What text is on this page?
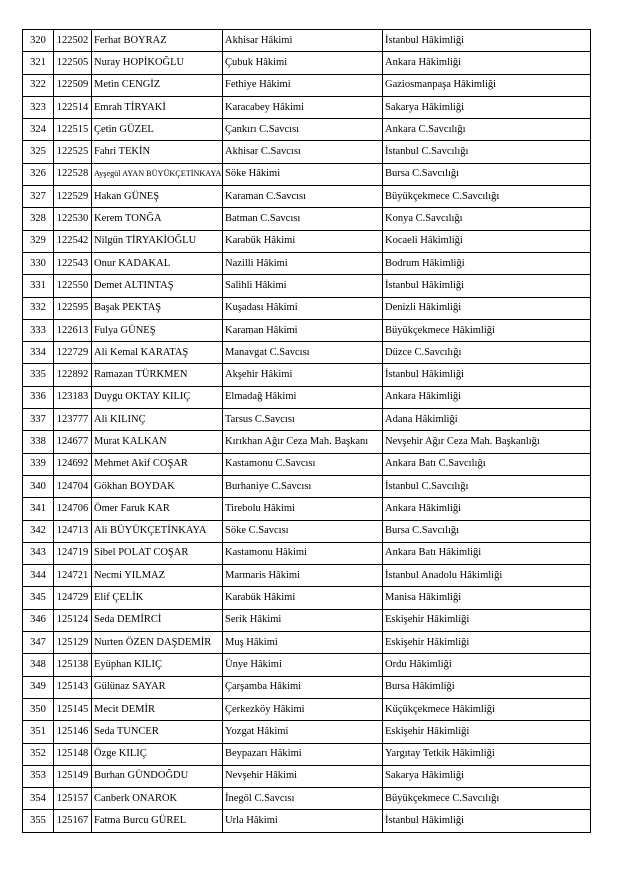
320	122502	Ferhat BOYRAZ	Akhisar Hâkimi	İstanbul Hâkimliği
321	122505	Nuray HOPİKOĞLU	Çubuk Hâkimi	Ankara Hâkimliği
322	122509	Metin CENGİZ	Fethiye Hâkimi	Gaziosmanpaşa Hâkimliği
323	122514	Emrah TİRYAKİ	Karacabey Hâkimi	Sakarya Hâkimliği
324	122515	Çetin GÜZEL	Çankırı C.Savcısı	Ankara C.Savcılığı
325	122525	Fahri TEKİN	Akhisar C.Savcısı	İstanbul C.Savcılığı
326	122528	Ayşegül AYAN BÜYÜKÇETİNKAYA	Söke Hâkimi	Bursa C.Savcılığı
327	122529	Hakan GÜNEŞ	Karaman C.Savcısı	Büyükçekmece C.Savcılığı
328	122530	Kerem TONĞA	Batman C.Savcısı	Konya C.Savcılığı
329	122542	Nilgün TİRYAKİOĞLU	Karabük Hâkimi	Kocaeli Hâkimliği
330	122543	Onur KADAKAL	Nazilli Hâkimi	Bodrum Hâkimliği
331	122550	Demet ALTINTAŞ	Salihli Hâkimi	İstanbul Hâkimliği
332	122595	Başak PEKTAŞ	Kuşadası Hâkimi	Denizli Hâkimliği
333	122613	Fulya GÜNEŞ	Karaman Hâkimi	Büyükçekmece Hâkimliği
334	122729	Ali Kemal KARATAŞ	Manavgat C.Savcısı	Düzce C.Savcılığı
335	122892	Ramazan TÜRKMEN	Akşehir Hâkimi	İstanbul Hâkimliği
336	123183	Duygu OKTAY KILIÇ	Elmadağ Hâkimi	Ankara Hâkimliği
337	123777	Ali KILINÇ	Tarsus C.Savcısı	Adana Hâkimliği
338	124677	Murat KALKAN	Kırıkhan Ağır Ceza Mah. Başkanı	Nevşehir Ağır Ceza Mah. Başkanlığı
339	124692	Mehmet Akif COŞAR	Kastamonu C.Savcısı	Ankara Batı C.Savcılığı
340	124704	Gökhan BOYDAK	Burhaniye C.Savcısı	İstanbul C.Savcılığı
341	124706	Ömer Faruk KAR	Tirebolu Hâkimi	Ankara Hâkimliği
342	124713	Ali BÜYÜKÇETİNKAYA	Söke C.Savcısı	Bursa C.Savcılığı
343	124719	Sibel POLAT COŞAR	Kastamonu Hâkimi	Ankara Batı Hâkimliği
344	124721	Necmi YILMAZ	Marmaris Hâkimi	İstanbul Anadolu Hâkimliği
345	124729	Elif ÇELİK	Karabük Hâkimi	Manisa Hâkimliği
346	125124	Seda DEMİRCİ	Serik Hâkimi	Eskişehir Hâkimliği
347	125129	Nurten ÖZEN DAŞDEMİR	Muş Hâkimi	Eskişehir Hâkimliği
348	125138	Eyüphan KILIÇ	Ünye Hâkimi	Ordu Hâkimliği
349	125143	Gülünaz SAYAR	Çarşamba Hâkimi	Bursa Hâkimliği
350	125145	Mecit DEMİR	Çerkezköy Hâkimi	Küçükçekmece Hâkimliği
351	125146	Seda TUNCER	Yozgat Hâkimi	Eskişehir Hâkimliği
352	125148	Özge KILIÇ	Beypazarı Hâkimi	Yargıtay Tetkik Hâkimliği
353	125149	Burhan GÜNDOĞDU	Nevşehir Hâkimi	Sakarya Hâkimliği
354	125157	Canberk ONAROK	İnegöl C.Savcısı	Büyükçekmece C.Savcılığı
355	125167	Fatma Burcu GÜREL	Urla Hâkimi	İstanbul Hâkimliği
